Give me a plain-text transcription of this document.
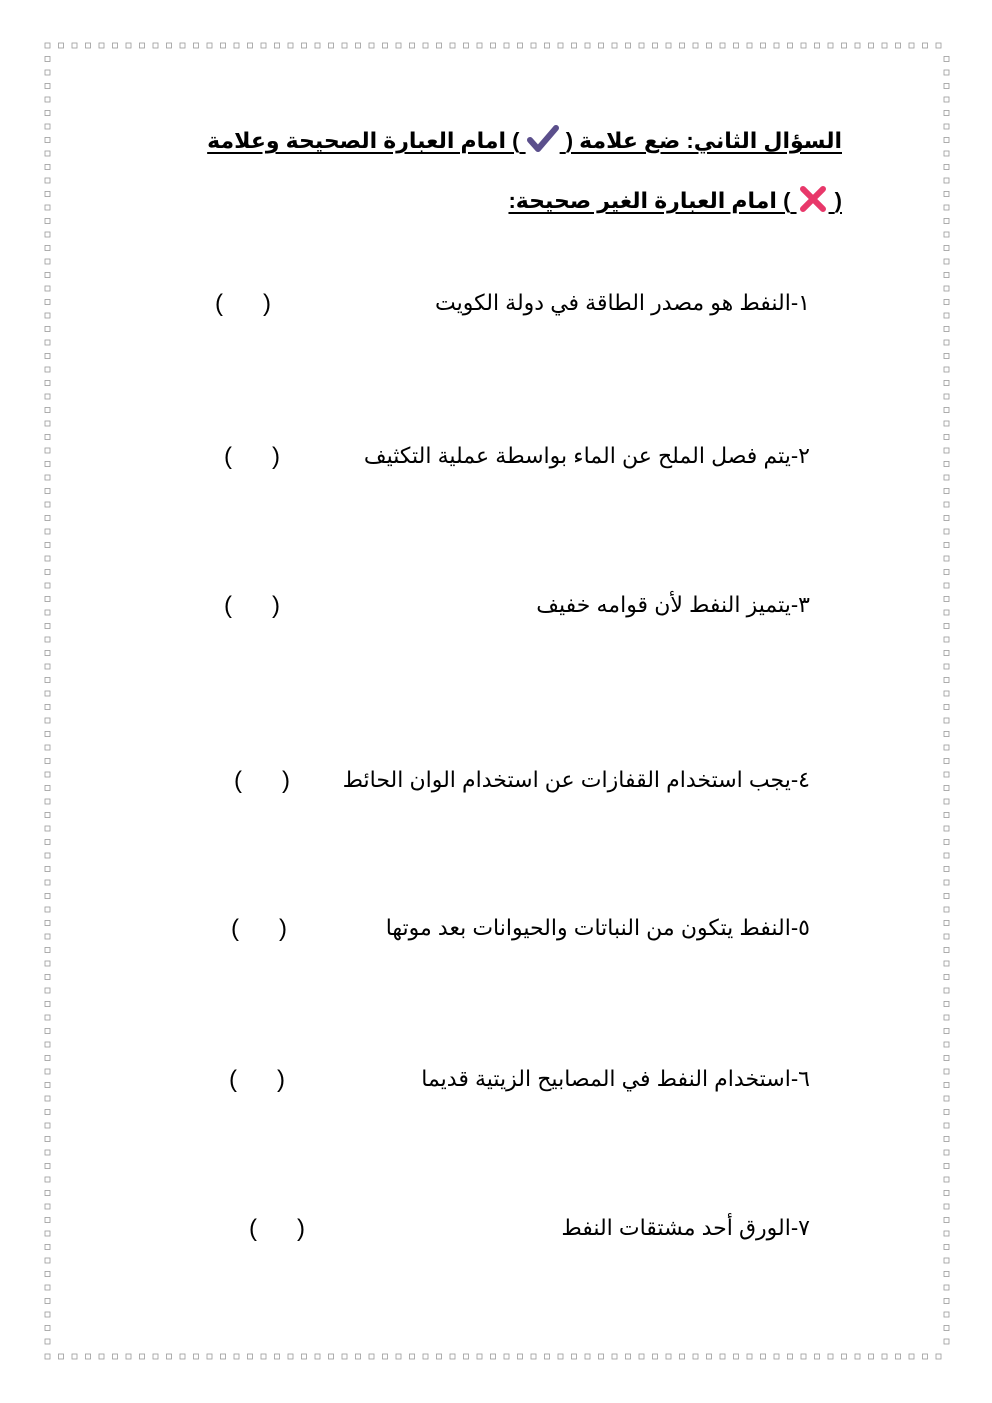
السؤال الثاني: ضع علامة (  ) امام العبارة الصحيحة وعلامة
(  ) امام العبارة الغير صحيحة:
١-النفط هو مصدر الطاقة في دولة الكويت
(      )
٢-يتم فصل الملح عن الماء بواسطة عملية التكثيف
(      )
٣-يتميز النفط لأن قوامه خفيف
(      )
٤-يجب استخدام القفازات عن استخدام الوان الحائط
(      )
٥-النفط يتكون من النباتات والحيوانات بعد موتها
(      )
٦-استخدام النفط في المصابيح الزيتية قديما
(      )
٧-الورق أحد مشتقات النفط
(      )
